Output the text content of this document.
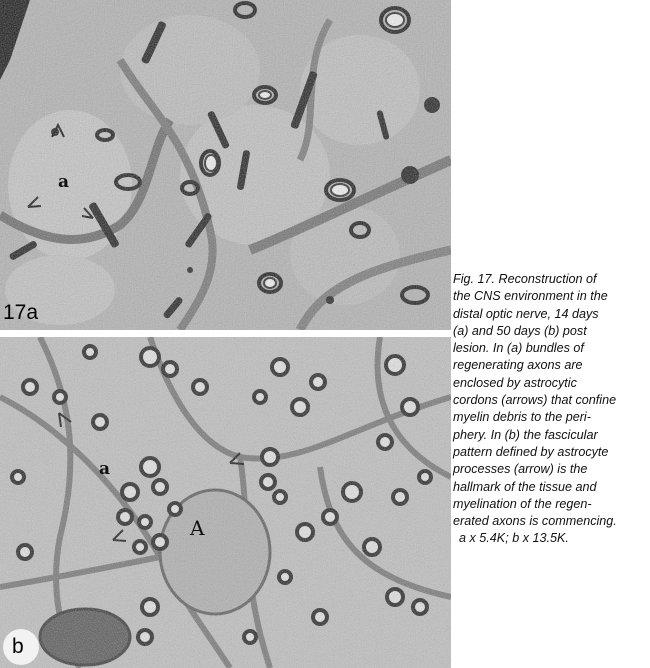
a
17a
a
A
b

Fig. 17. Reconstruction of
the CNS environment in the
distal optic nerve, 14 days
(a) and 50 days (b) post
lesion. In (a) bundles of
regenerating axons are
enclosed by astrocytic
cordons (arrows) that confine
myelin debris to the peri-
phery. In (b) the fascicular
pattern defined by astrocyte
processes (arrow) is the
hallmark of the tissue and
myelination of the regen-
erated axons is commencing.
a x 5.4K; b x 13.5K.
